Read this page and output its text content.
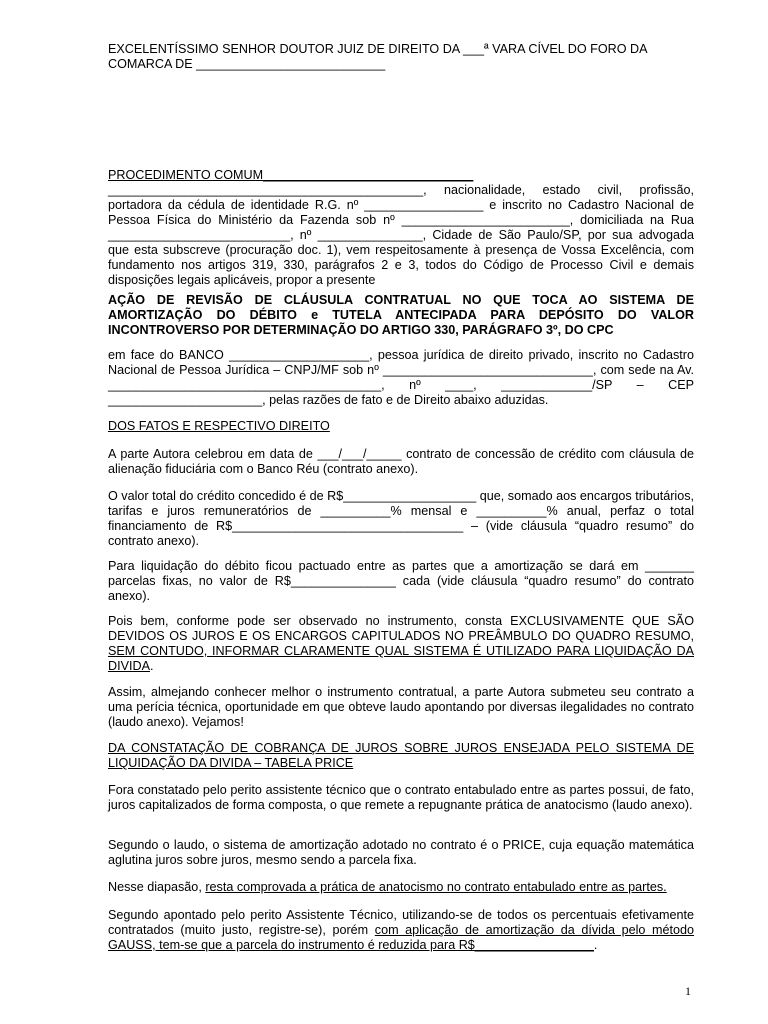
EXCELENTÍSSIMO SENHOR DOUTOR JUIZ DE DIREITO DA ___ª VARA CÍVEL DO FORO DA

COMARCA DE ___________________________

PROCEDIMENTO COMUM______________________________

_____________________________________________, nacionalidade, estado civil, profissão, portadora da cédula de identidade R.G. nº _________________ e inscrito no Cadastro Nacional de Pessoa Física do Ministério da Fazenda sob nº ________________________, domiciliada na Rua __________________________, nº _______________, Cidade de São Paulo/SP, por sua advogada que esta subscreve (procuração doc. 1), vem respeitosamente à presença de Vossa Excelência, com fundamento nos artigos 319, 330, parágrafos 2 e 3, todos do Código de Processo Civil e demais disposições legais aplicáveis, propor a presente

AÇÃO DE REVISÃO DE CLÁUSULA CONTRATUAL NO QUE TOCA AO SISTEMA DE AMORTIZAÇÃO DO DÉBITO e TUTELA ANTECIPADA PARA DEPÓSITO DO VALOR INCONTROVERSO POR DETERMINAÇÃO DO ARTIGO 330, PARÁGRAFO 3º, DO CPC

em face do BANCO ____________________, pessoa jurídica de direito privado, inscrito no Cadastro Nacional de Pessoa Jurídica – CNPJ/MF sob nº ______________________________, com sede na Av. _______________________________________, nº ____, _____________/SP – CEP ______________________, pelas razões de fato e de Direito abaixo aduzidas.

DOS FATOS E RESPECTIVO DIREITO

A parte Autora celebrou em data de ___/___/_____ contrato de concessão de crédito com cláusula de alienação fiduciária com o Banco Réu (contrato anexo).

O valor total do crédito concedido é de R$___________________ que, somado aos encargos tributários, tarifas e juros remuneratórios de __________% mensal e __________% anual, perfaz o total financiamento de R$_________________________________ – (vide cláusula “quadro resumo” do contrato anexo).

Para liquidação do débito ficou pactuado entre as partes que a amortização se dará em _______ parcelas fixas, no valor de R$_______________ cada (vide cláusula “quadro resumo” do contrato anexo).

Pois bem, conforme pode ser observado no instrumento, consta EXCLUSIVAMENTE QUE SÃO DEVIDOS OS JUROS E OS ENCARGOS CAPITULADOS NO PREÂMBULO DO QUADRO RESUMO, SEM CONTUDO, INFORMAR CLARAMENTE QUAL SISTEMA É UTILIZADO PARA LIQUIDAÇÃO DA DIVIDA.

Assim, almejando conhecer melhor o instrumento contratual, a parte Autora submeteu seu contrato a uma perícia técnica, oportunidade em que obteve laudo apontando por diversas ilegalidades no contrato (laudo anexo). Vejamos!

DA CONSTATAÇÃO DE COBRANÇA DE JUROS SOBRE JUROS ENSEJADA PELO SISTEMA DE LIQUIDAÇÃO DA DIVIDA – TABELA PRICE

Fora constatado pelo perito assistente técnico que o contrato entabulado entre as partes possui, de fato, juros capitalizados de forma composta, o que remete a repugnante prática de anatocismo (laudo anexo).

Segundo o laudo, o sistema de amortização adotado no contrato é o PRICE, cuja equação matemática aglutina juros sobre juros, mesmo sendo a parcela fixa.

Nesse diapasão, resta comprovada a prática de anatocismo no contrato entabulado entre as partes.

Segundo apontado pelo perito Assistente Técnico, utilizando-se de todos os percentuais efetivamente contratados (muito justo, registre-se), porém com aplicação de amortização da dívida pelo método GAUSS, tem-se que a parcela do instrumento é reduzida para R$_________________.

1
